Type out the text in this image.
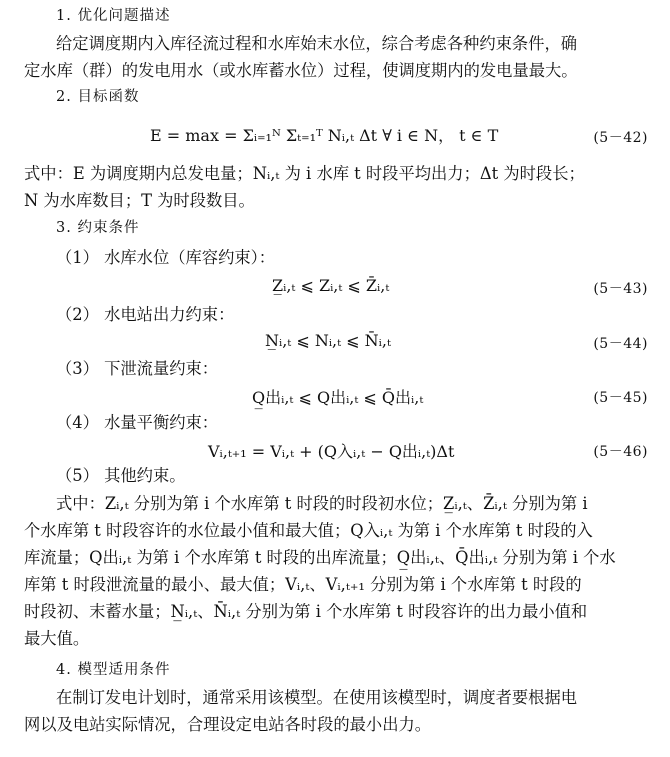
1. 优化问题描述
给定调度期内入库径流过程和水库始末水位，综合考虑各种约束条件，确
定水库（群）的发电用水（或水库蓄水位）过程，使调度期内的发电量最大。
2. 目标函数
E = max = Σᵢ₌₁ᴺ Σₜ₌₁ᵀ Nᵢ,ₜ Δt ∀ i ∈ N， t ∈ T	(5－42)
式中：E 为调度期内总发电量；Nᵢ,ₜ 为 i 水库 t 时段平均出力；Δt 为时段长；
N 为水库数目；T 为时段数目。
3. 约束条件
（1） 水库水位（库容约束）：
Z̲ᵢ,ₜ ⩽ Zᵢ,ₜ ⩽ Z̄ᵢ,ₜ	(5－43)
（2） 水电站出力约束：
N̲ᵢ,ₜ ⩽ Nᵢ,ₜ ⩽ N̄ᵢ,ₜ	(5－44)
（3） 下泄流量约束：
Q̲出ᵢ,ₜ ⩽ Q出ᵢ,ₜ ⩽ Q̄出ᵢ,ₜ	(5－45)
（4） 水量平衡约束：
Vᵢ,ₜ₊₁ = Vᵢ,ₜ + (Q入ᵢ,ₜ − Q出ᵢ,ₜ)Δt	(5－46)
（5） 其他约束。
式中：Zᵢ,ₜ 分别为第 i 个水库第 t 时段的时段初水位；Z̲ᵢ,ₜ、Z̄ᵢ,ₜ 分别为第 i
个水库第 t 时段容许的水位最小值和最大值；Q入ᵢ,ₜ 为第 i 个水库第 t 时段的入
库流量；Q出ᵢ,ₜ 为第 i 个水库第 t 时段的出库流量；Q̲出ᵢ,ₜ、Q̄出ᵢ,ₜ 分别为第 i 个水
库第 t 时段泄流量的最小、最大值；Vᵢ,ₜ、Vᵢ,ₜ₊₁ 分别为第 i 个水库第 t 时段的
时段初、末蓄水量；N̲ᵢ,ₜ、N̄ᵢ,ₜ 分别为第 i 个水库第 t 时段容许的出力最小值和
最大值。
4. 模型适用条件
在制订发电计划时，通常采用该模型。在使用该模型时，调度者要根据电
网以及电站实际情况，合理设定电站各时段的最小出力。
